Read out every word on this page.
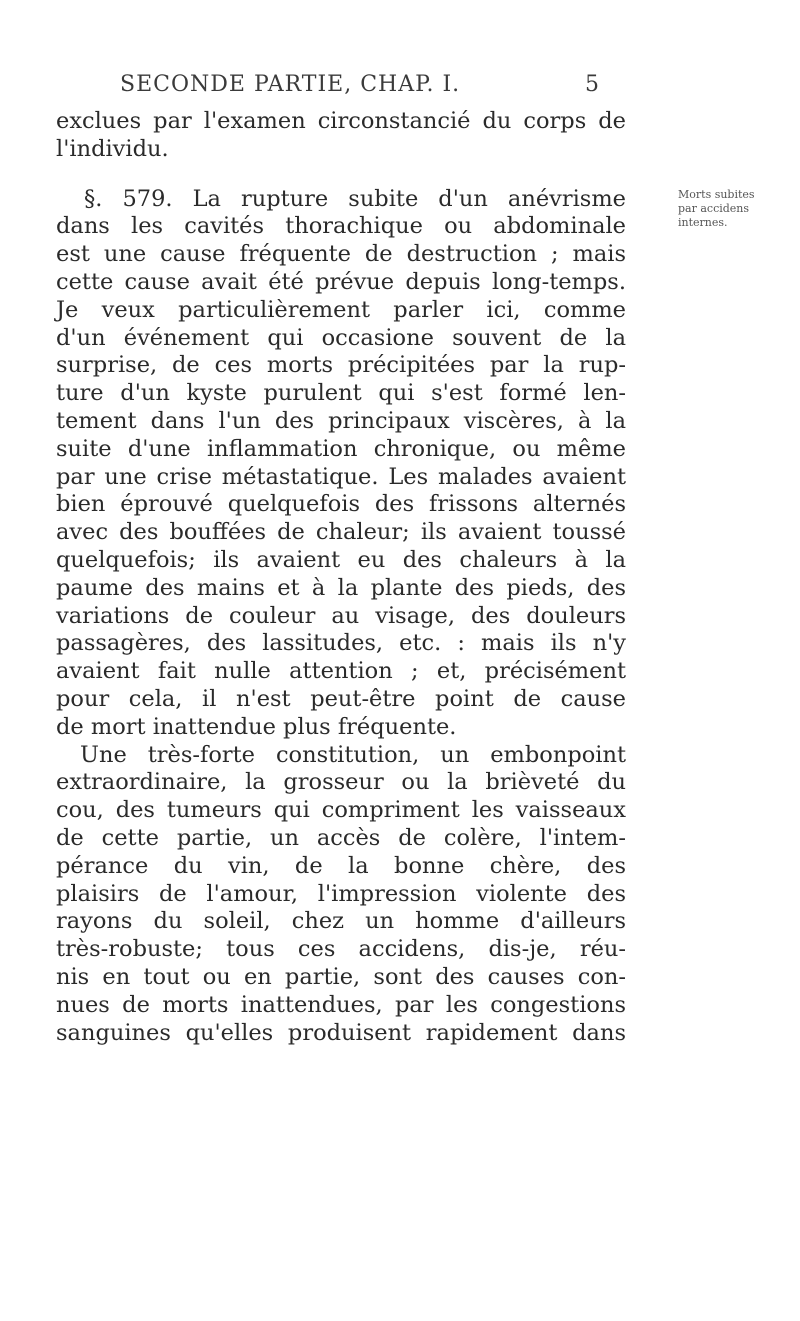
SECONDE PARTIE, CHAP. I.	5

exclues par l'examen circonstancié du corps de

l'individu.

§. 579. La rupture subite d'un anévrisme

dans les cavités thorachique ou abdominale

est une cause fréquente de destruction ; mais

cette cause avait été prévue depuis long-temps.

Je veux particulièrement parler ici, comme

d'un événement qui occasione souvent de la

surprise, de ces morts précipitées par la rup-

ture d'un kyste purulent qui s'est formé len-

tement dans l'un des principaux viscères, à la

suite d'une inflammation chronique, ou même

par une crise métastatique. Les malades avaient

bien éprouvé quelquefois des frissons alternés

avec des bouffées de chaleur; ils avaient toussé

quelquefois; ils avaient eu des chaleurs à la

paume des mains et à la plante des pieds, des

variations de couleur au visage, des douleurs

passagères, des lassitudes, etc. : mais ils n'y

avaient fait nulle attention ; et, précisément

pour cela, il n'est peut-être point de cause

de mort inattendue plus fréquente.

Une très-forte constitution, un embonpoint

extraordinaire, la grosseur ou la brièveté du

cou, des tumeurs qui compriment les vaisseaux

de cette partie, un accès de colère, l'intem-

pérance du vin, de la bonne chère, des

plaisirs de l'amour, l'impression violente des

rayons du soleil, chez un homme d'ailleurs

très-robuste; tous ces accidens, dis-je, réu-

nis en tout ou en partie, sont des causes con-

nues de morts inattendues, par les congestions

sanguines qu'elles produisent rapidement dans

Morts subites
par accidens
internes.
